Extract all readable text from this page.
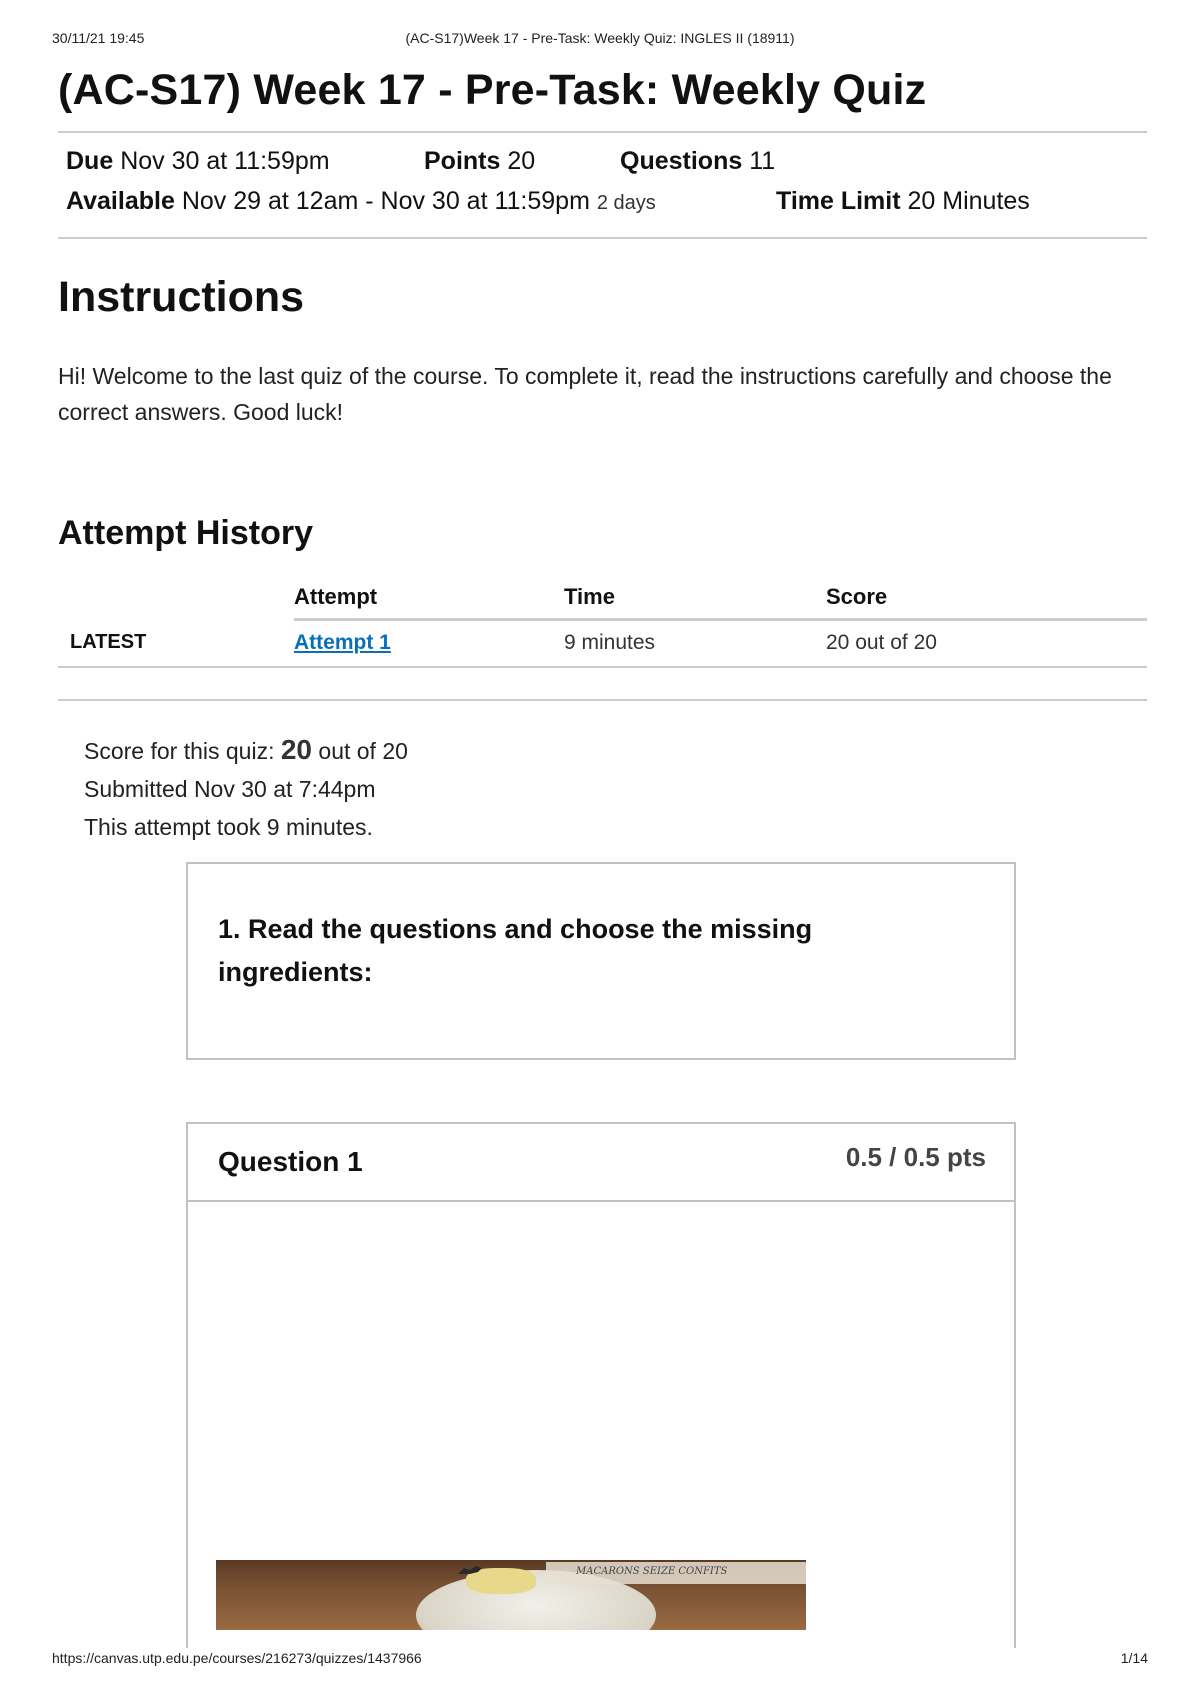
30/11/21 19:45	(AC-S17)Week 17 - Pre-Task: Weekly Quiz: INGLES II (18911)
(AC-S17) Week 17 - Pre-Task: Weekly Quiz
Due Nov 30 at 11:59pm	Points 20	Questions 11
Available Nov 29 at 12am - Nov 30 at 11:59pm 2 days	Time Limit 20 Minutes
Instructions

Hi! Welcome to the last quiz of the course. To complete it, read the instructions carefully and choose the correct answers. Good luck!

Attempt History
	Attempt	Time	Score
LATEST	Attempt 1	9 minutes	20 out of 20
Score for this quiz: 20 out of 20
Submitted Nov 30 at 7:44pm
This attempt took 9 minutes.
1. Read the questions and choose the missing ingredients:
Question 1	0.5 / 0.5 pts
MACARONS SEIZE CONFITS
https://canvas.utp.edu.pe/courses/216273/quizzes/1437966	1/14
